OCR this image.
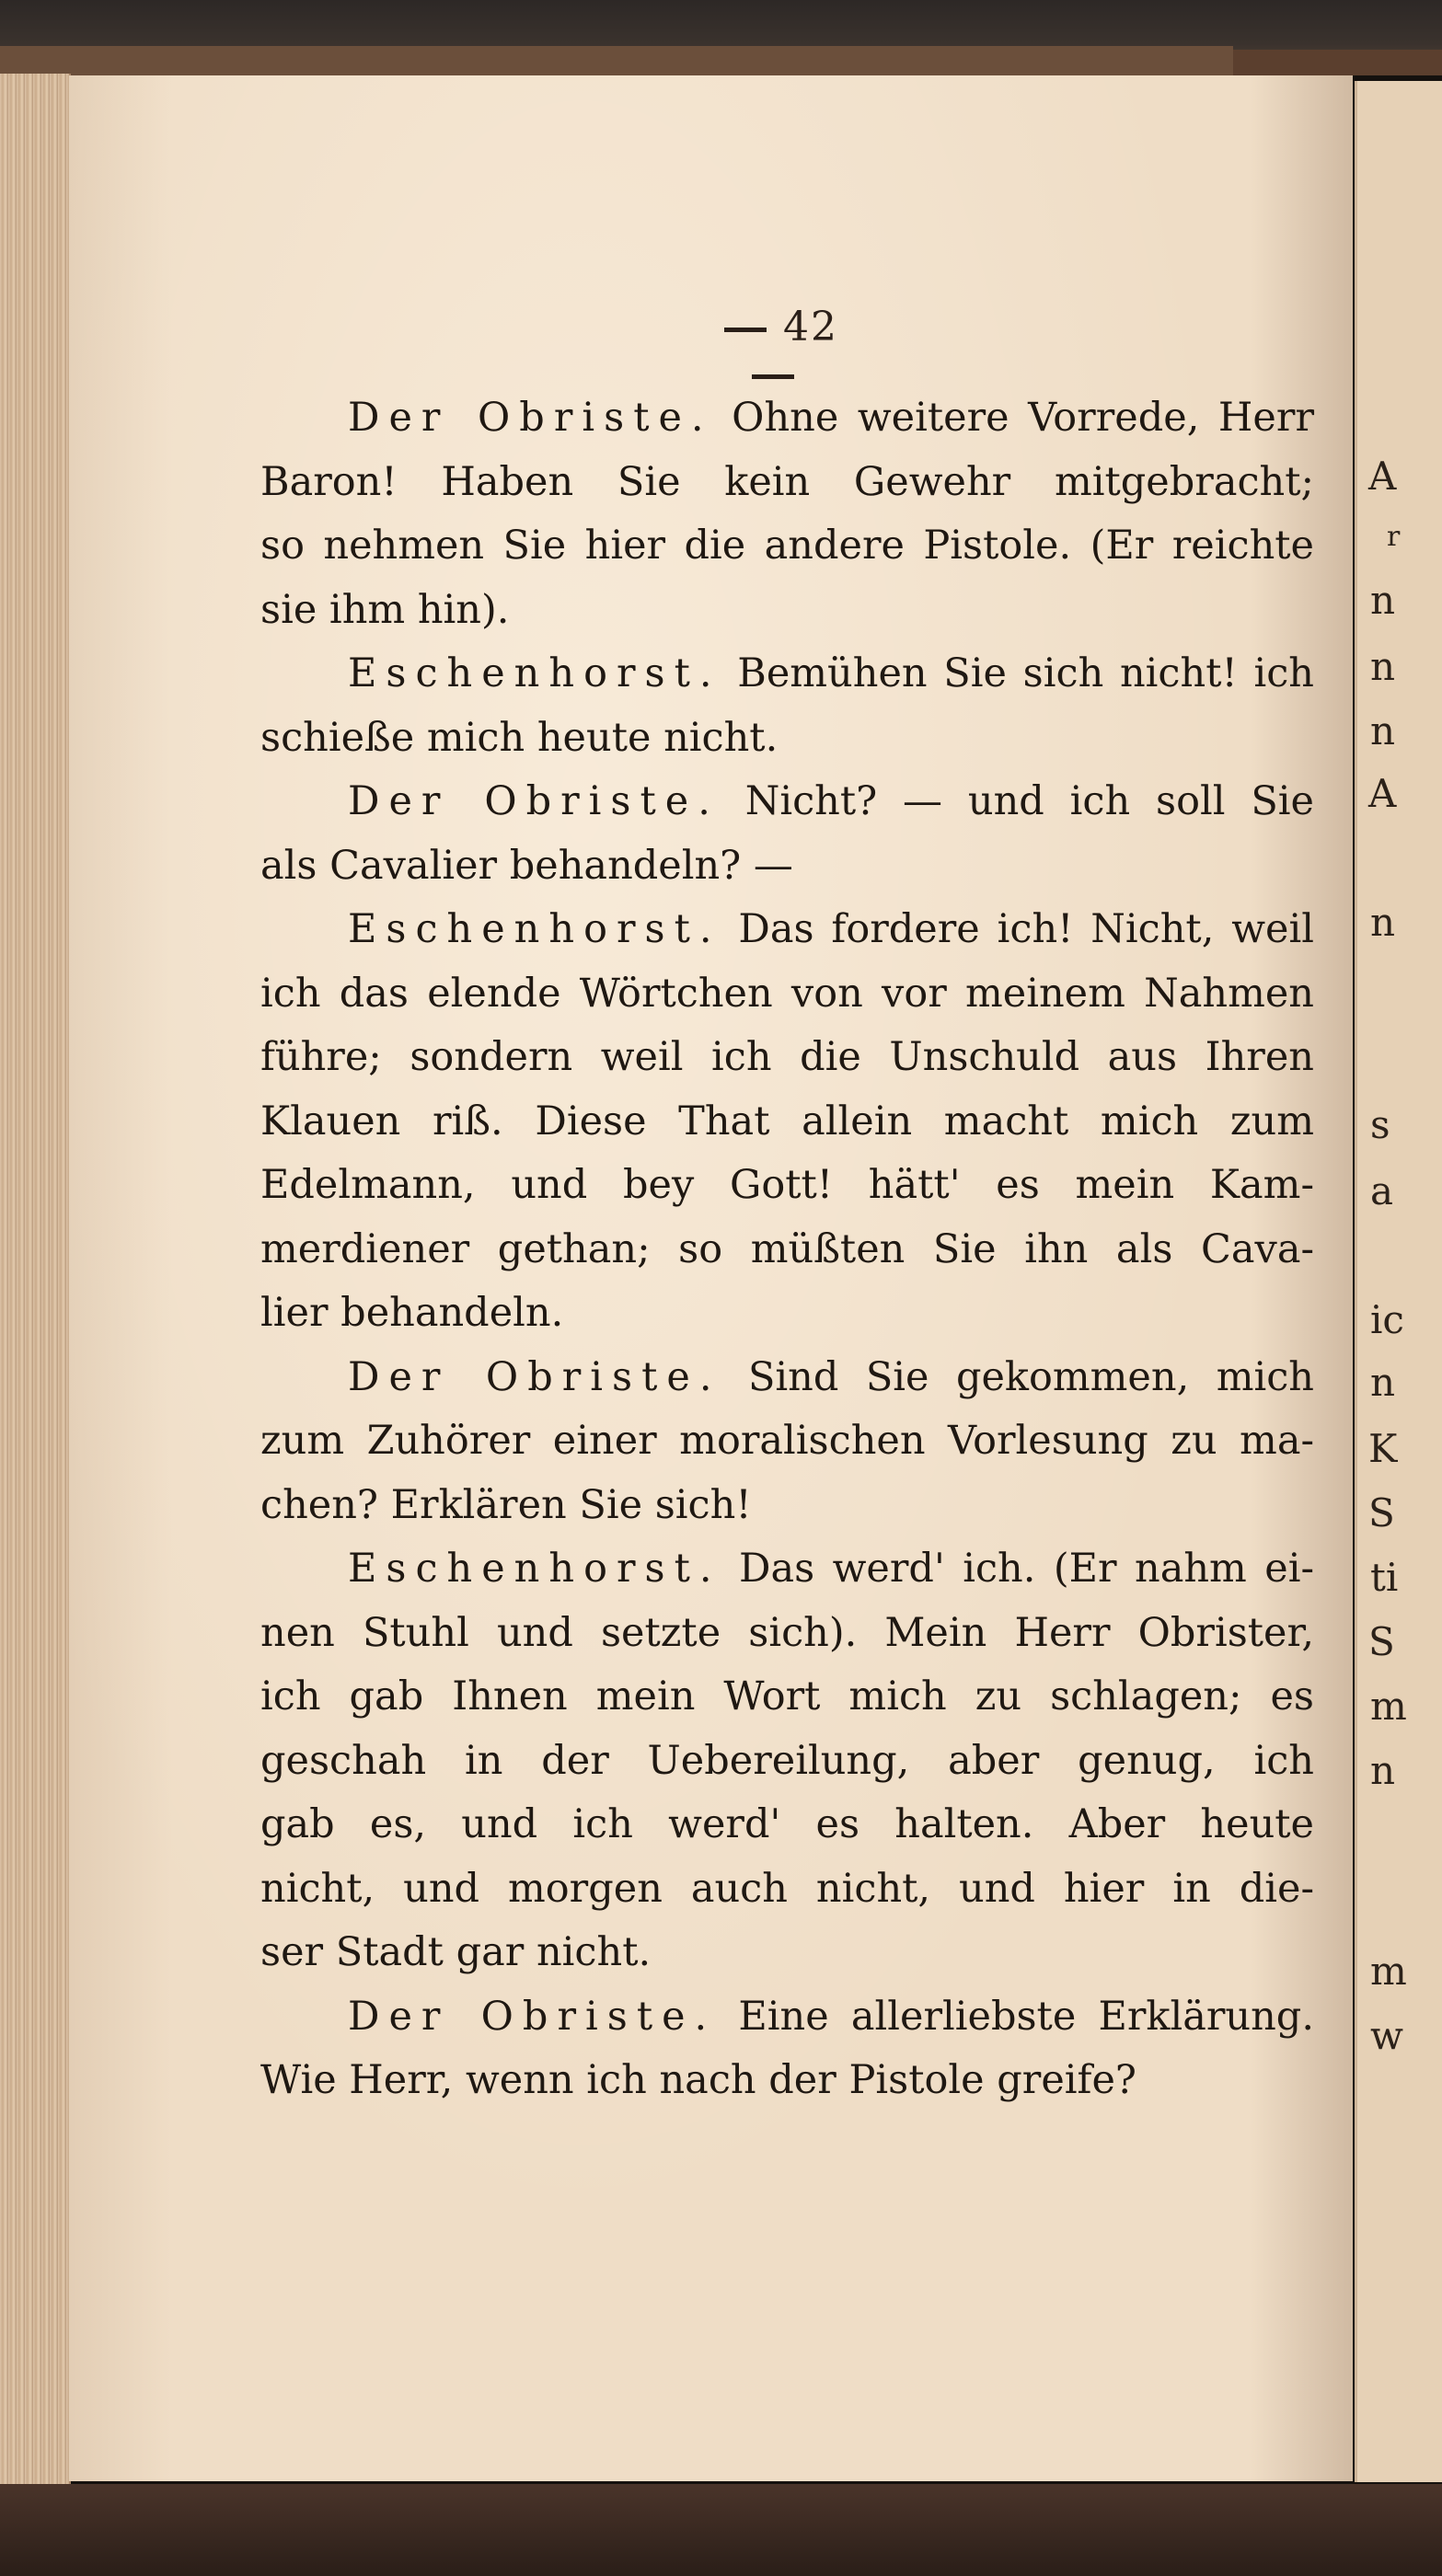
A
r
n
n
n
A
n
s
a
ic
n
K
S
ti
S
m
n
m
w
42
Der Obriste. Ohne weitere Vorrede, Herr
Baron! Haben Sie kein Gewehr mitgebracht;
so nehmen Sie hier die andere Pistole. (Er reichte
sie ihm hin).
Eschenhorst. Bemühen Sie sich nicht! ich
schieße mich heute nicht.
Der Obriste. Nicht? — und ich soll Sie
als Cavalier behandeln? —
Eschenhorst. Das fordere ich! Nicht, weil
ich das elende Wörtchen von vor meinem Nahmen
führe; sondern weil ich die Unschuld aus Ihren
Klauen riß. Diese That allein macht mich zum
Edelmann, und bey Gott! hätt' es mein Kam-
merdiener gethan; so müßten Sie ihn als Cava-
lier behandeln.
Der Obriste. Sind Sie gekommen, mich
zum Zuhörer einer moralischen Vorlesung zu ma-
chen? Erklären Sie sich!
Eschenhorst. Das werd' ich. (Er nahm ei-
nen Stuhl und setzte sich). Mein Herr Obrister,
ich gab Ihnen mein Wort mich zu schlagen; es
geschah in der Uebereilung, aber genug, ich
gab es, und ich werd' es halten. Aber heute
nicht, und morgen auch nicht, und hier in die-
ser Stadt gar nicht.
Der Obriste. Eine allerliebste Erklärung.
Wie Herr, wenn ich nach der Pistole greife?
